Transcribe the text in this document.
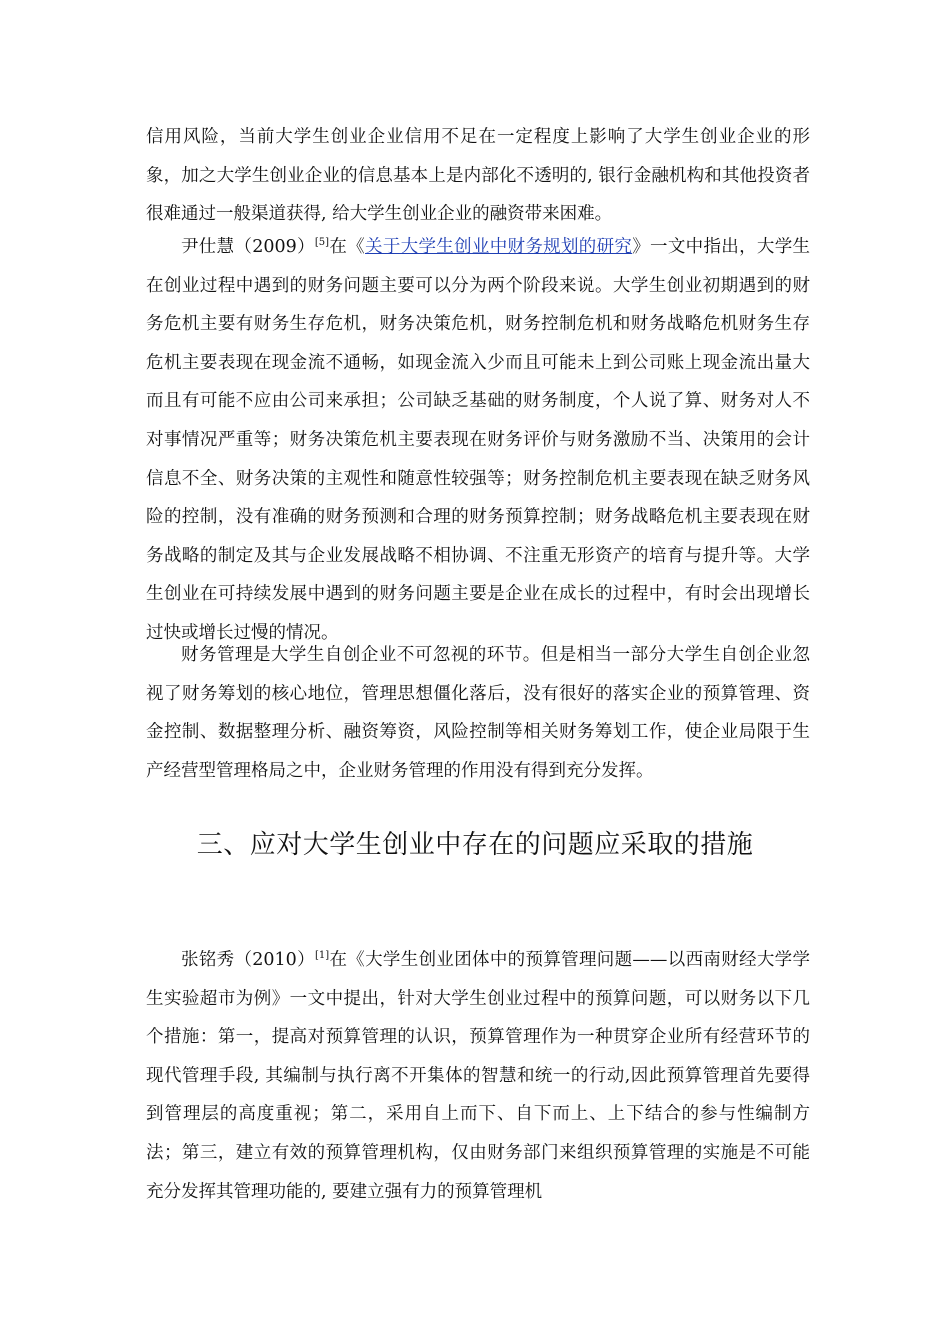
信用风险，当前大学生创业企业信用不足在一定程度上影响了大学生创业企业的形象，加之大学生创业企业的信息基本上是内部化不透明的, 银行金融机构和其他投资者很难通过一般渠道获得, 给大学生创业企业的融资带来困难。

尹仕慧（2009）[5]在《关于大学生创业中财务规划的研究》一文中指出，大学生在创业过程中遇到的财务问题主要可以分为两个阶段来说。大学生创业初期遇到的财务危机主要有财务生存危机，财务决策危机，财务控制危机和财务战略危机财务生存危机主要表现在现金流不通畅，如现金流入少而且可能未上到公司账上现金流出量大而且有可能不应由公司来承担；公司缺乏基础的财务制度，个人说了算、财务对人不对事情况严重等；财务决策危机主要表现在财务评价与财务激励不当、决策用的会计信息不全、财务决策的主观性和随意性较强等；财务控制危机主要表现在缺乏财务风险的控制，没有准确的财务预测和合理的财务预算控制；财务战略危机主要表现在财务战略的制定及其与企业发展战略不相协调、不注重无形资产的培育与提升等。大学生创业在可持续发展中遇到的财务问题主要是企业在成长的过程中，有时会出现增长过快或增长过慢的情况。

财务管理是大学生自创企业不可忽视的环节。但是相当一部分大学生自创企业忽视了财务筹划的核心地位，管理思想僵化落后，没有很好的落实企业的预算管理、资金控制、数据整理分析、融资筹资，风险控制等相关财务筹划工作，使企业局限于生产经营型管理格局之中，企业财务管理的作用没有得到充分发挥。

三、应对大学生创业中存在的问题应采取的措施

张铭秀（2010）[1]在《大学生创业团体中的预算管理问题——以西南财经大学学生实验超市为例》一文中提出，针对大学生创业过程中的预算问题，可以财务以下几个措施：第一，提高对预算管理的认识，预算管理作为一种贯穿企业所有经营环节的现代管理手段, 其编制与执行离不开集体的智慧和统一的行动,因此预算管理首先要得到管理层的高度重视；第二，采用自上而下、自下而上、上下结合的参与性编制方法；第三，建立有效的预算管理机构，仅由财务部门来组织预算管理的实施是不可能充分发挥其管理功能的, 要建立强有力的预算管理机
